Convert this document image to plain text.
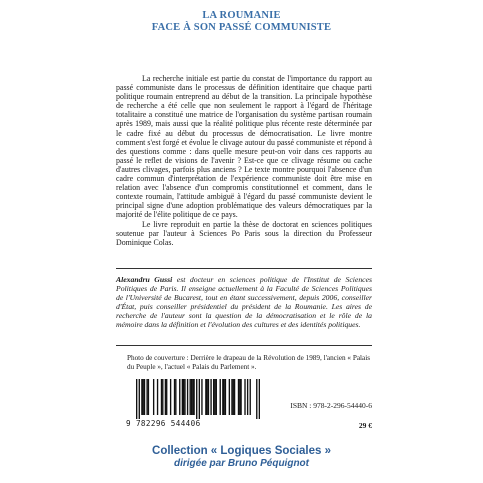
LA ROUMANIE
FACE À SON PASSÉ COMMUNISTE

La recherche initiale est partie du constat de l'importance du rapport au passé communiste dans le processus de définition identitaire que chaque parti politique roumain entreprend au début de la transition. La principale hypothèse de recherche a été celle que non seulement le rapport à l'égard de l'héritage totalitaire a constitué une matrice de l'organisation du système partisan roumain après 1989, mais aussi que la réalité politique plus récente reste déterminée par le cadre fixé au début du processus de démocratisation. Le livre montre comment s'est forgé et évolue le clivage autour du passé communiste et répond à des questions comme : dans quelle mesure peut-on voir dans ces rapports au passé le reflet de visions de l'avenir ? Est-ce que ce clivage résume ou cache d'autres clivages, parfois plus anciens ? Le texte montre pourquoi l'absence d'un cadre commun d'interprétation de l'expérience communiste doit être mise en relation avec l'absence d'un compromis constitutionnel et comment, dans le contexte roumain, l'attitude ambiguë à l'égard du passé communiste devient le principal signe d'une adoption problématique des valeurs démocratiques par la majorité de l'élite politique de ce pays.

Le livre reproduit en partie la thèse de doctorat en sciences politiques soutenue par l'auteur à Sciences Po Paris sous la direction du Professeur Dominique Colas.

Alexandru Gussi est docteur en sciences politique de l'Institut de Sciences Politiques de Paris. Il enseigne actuellement à la Faculté de Sciences Politiques de l'Université de Bucarest, tout en étant successivement, depuis 2006, conseiller d'État, puis conseiller présidentiel du président de la Roumanie. Les aires de recherche de l'auteur sont la question de la démocratisation et le rôle de la mémoire dans la définition et l'évolution des cultures et des identités politiques.

Photo de couverture : Derrière le drapeau de la Révolution de 1989, l'ancien « Palais du Peuple », l'actuel « Palais du Parlement ».
9 782296 544406
ISBN : 978-2-296-54440-6
29 €
Collection « Logiques Sociales »
dirigée par Bruno Péquignot
